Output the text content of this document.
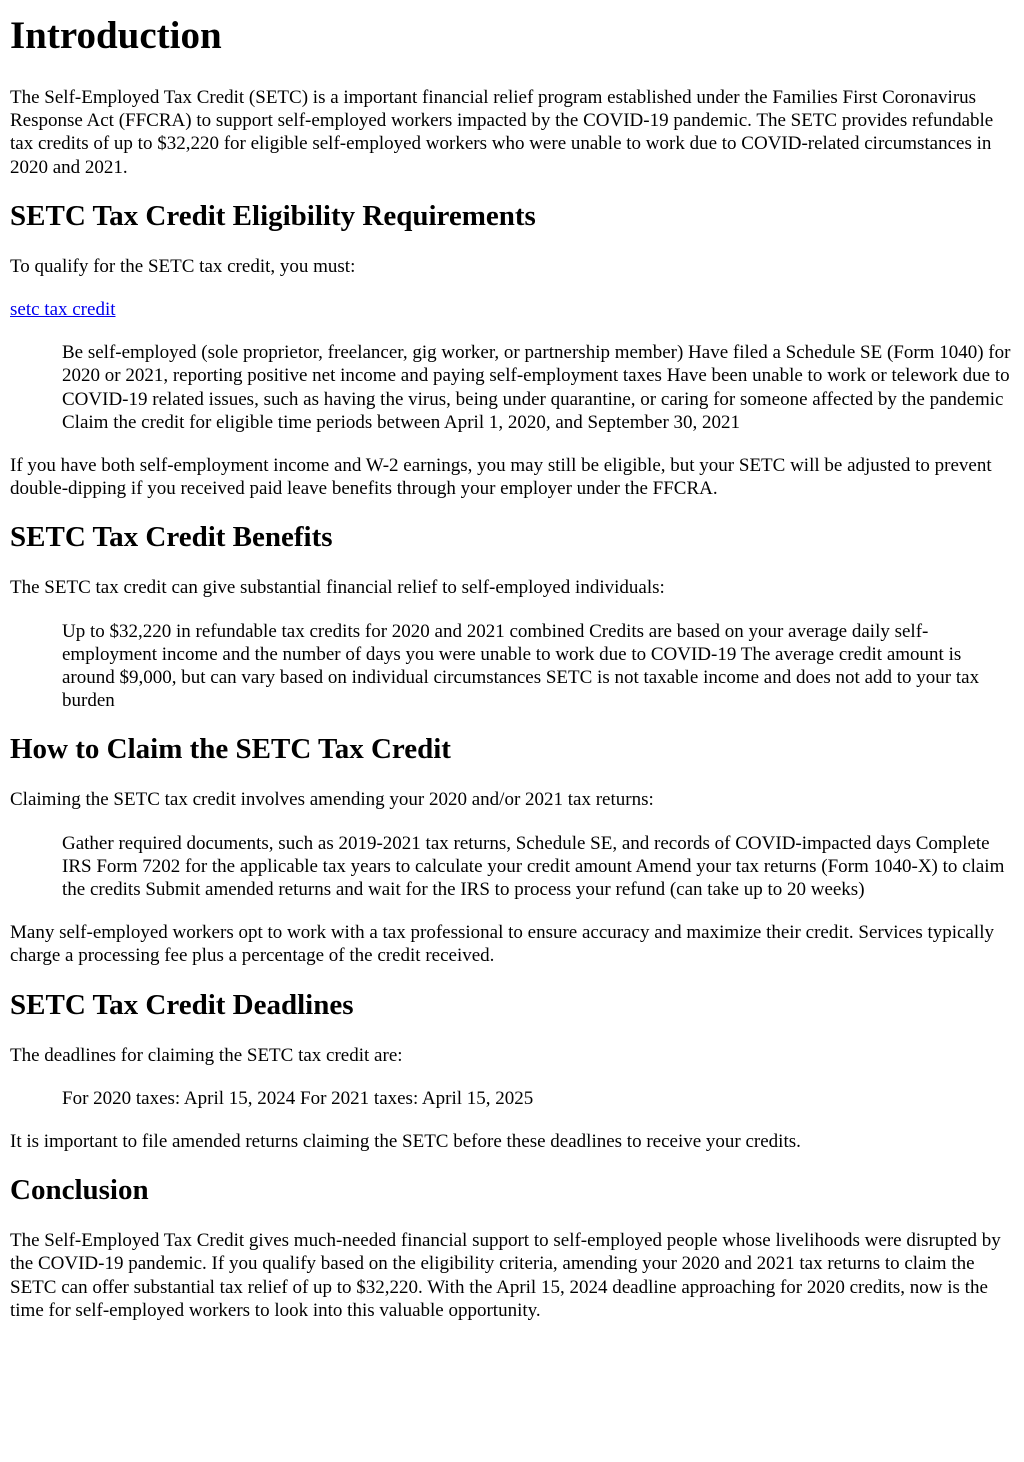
Introduction

The Self-Employed Tax Credit (SETC) is a important financial relief program established under the Families First Coronavirus Response Act (FFCRA) to support self-employed workers impacted by the COVID-19 pandemic. The SETC provides refundable tax credits of up to $32,220 for eligible self-employed workers who were unable to work due to COVID-related circumstances in 2020 and 2021.

SETC Tax Credit Eligibility Requirements

To qualify for the SETC tax credit, you must:

setc tax credit

Be self-employed (sole proprietor, freelancer, gig worker, or partnership member) Have filed a Schedule SE (Form 1040) for 2020 or 2021, reporting positive net income and paying self-employment taxes Have been unable to work or telework due to COVID-19 related issues, such as having the virus, being under quarantine, or caring for someone affected by the pandemic Claim the credit for eligible time periods between April 1, 2020, and September 30, 2021

If you have both self-employment income and W-2 earnings, you may still be eligible, but your SETC will be adjusted to prevent double-dipping if you received paid leave benefits through your employer under the FFCRA.

SETC Tax Credit Benefits

The SETC tax credit can give substantial financial relief to self-employed individuals:

Up to $32,220 in refundable tax credits for 2020 and 2021 combined Credits are based on your average daily self-employment income and the number of days you were unable to work due to COVID-19 The average credit amount is around $9,000, but can vary based on individual circumstances SETC is not taxable income and does not add to your tax burden
How to Claim the SETC Tax Credit

Claiming the SETC tax credit involves amending your 2020 and/or 2021 tax returns:

Gather required documents, such as 2019-2021 tax returns, Schedule SE, and records of COVID-impacted days Complete IRS Form 7202 for the applicable tax years to calculate your credit amount Amend your tax returns (Form 1040-X) to claim the credits Submit amended returns and wait for the IRS to process your refund (can take up to 20 weeks)

Many self-employed workers opt to work with a tax professional to ensure accuracy and maximize their credit. Services typically charge a processing fee plus a percentage of the credit received.

SETC Tax Credit Deadlines

The deadlines for claiming the SETC tax credit are:

For 2020 taxes: April 15, 2024 For 2021 taxes: April 15, 2025

It is important to file amended returns claiming the SETC before these deadlines to receive your credits.

Conclusion

The Self-Employed Tax Credit gives much-needed financial support to self-employed people whose livelihoods were disrupted by the COVID-19 pandemic. If you qualify based on the eligibility criteria, amending your 2020 and 2021 tax returns to claim the SETC can offer substantial tax relief of up to $32,220. With the April 15, 2024 deadline approaching for 2020 credits, now is the time for self-employed workers to look into this valuable opportunity.
